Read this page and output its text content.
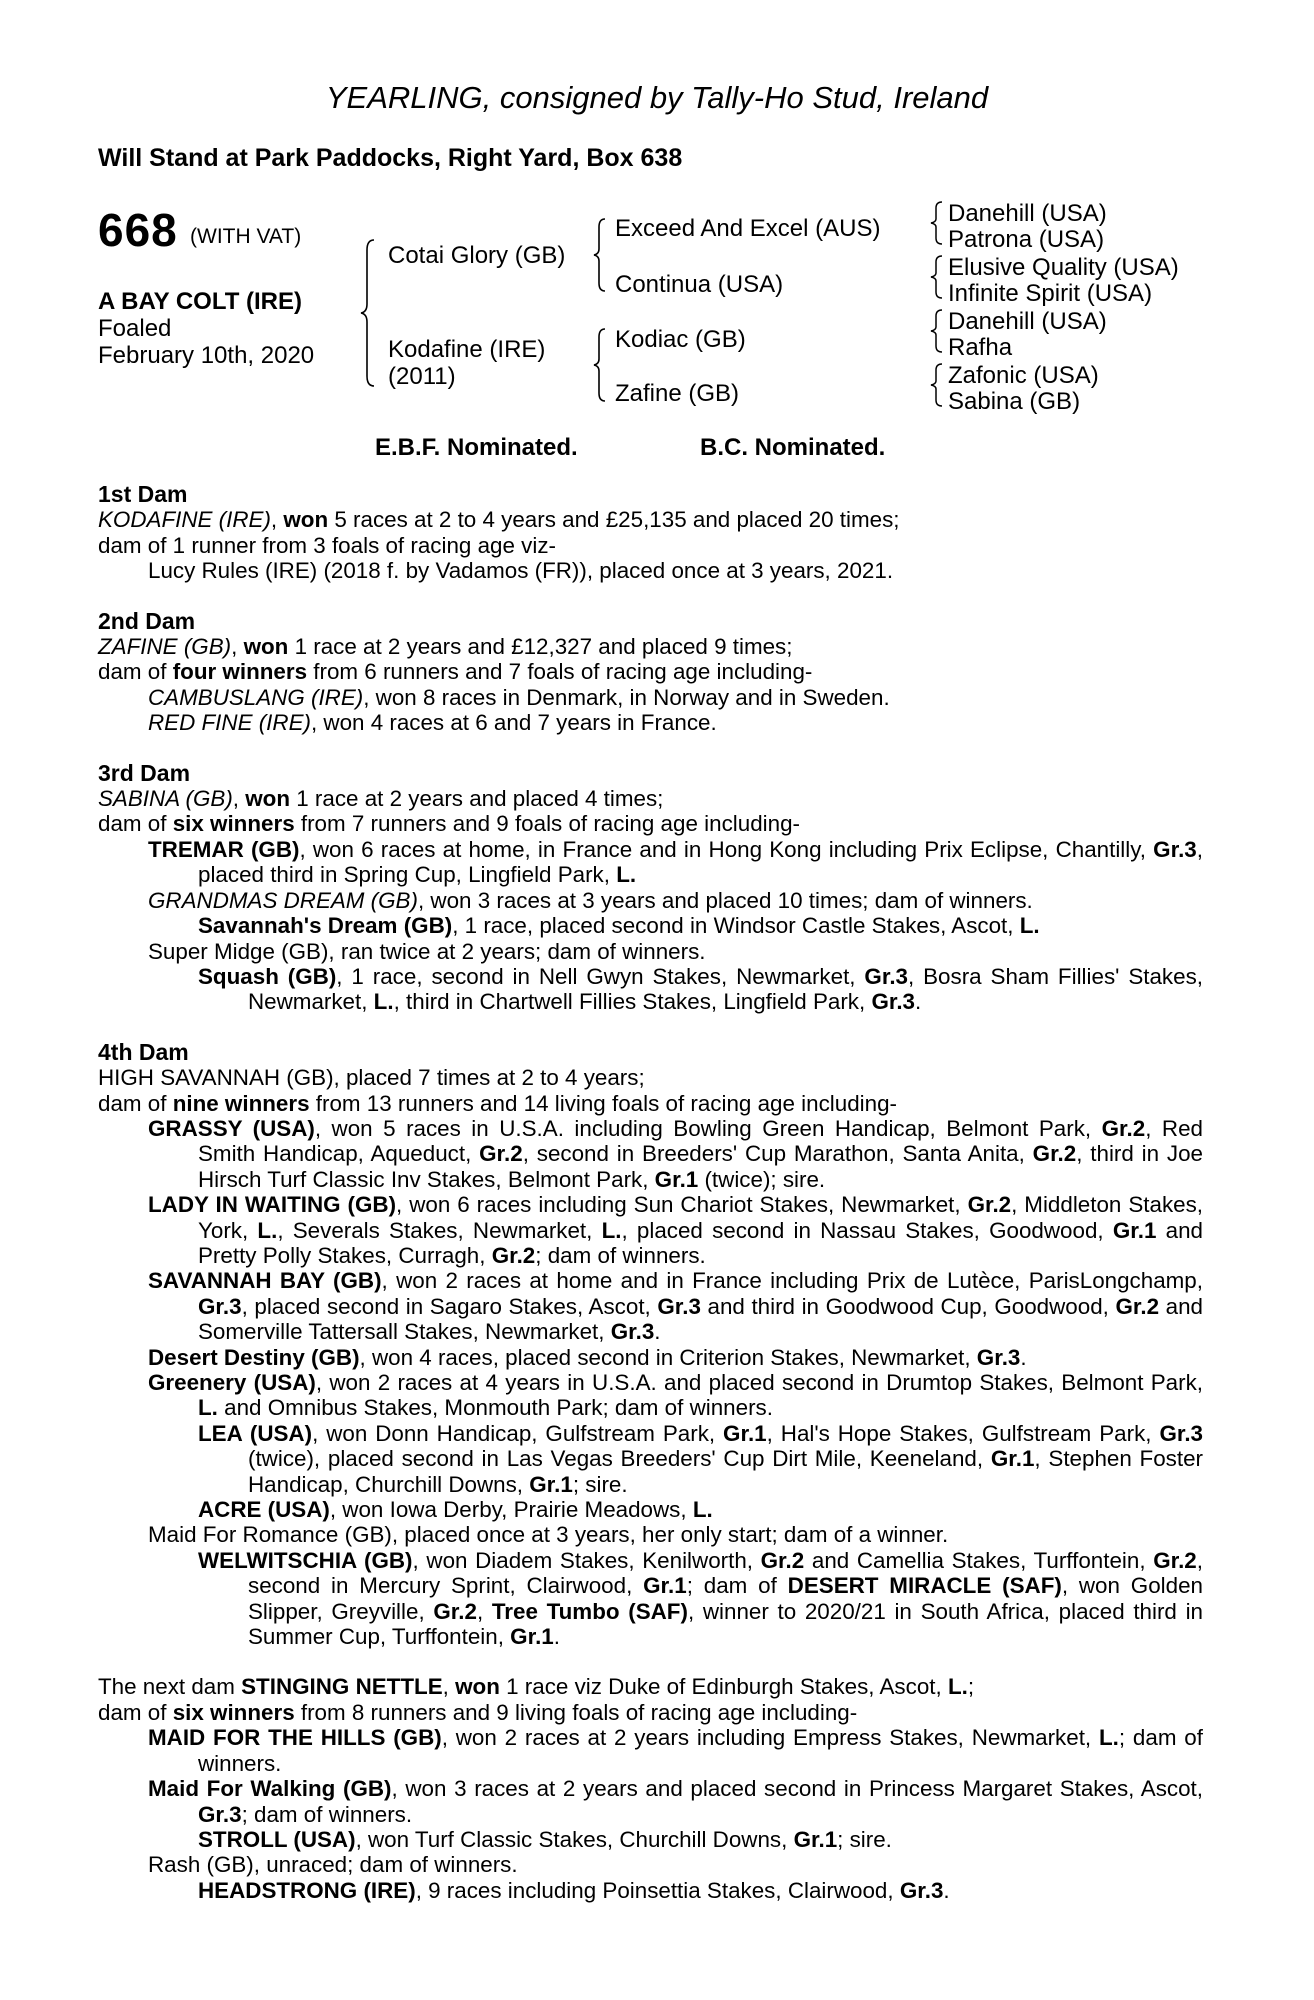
YEARLING, consigned by Tally-Ho Stud, Ireland
Will Stand at Park Paddocks, Right Yard, Box 638
668 (WITH VAT)
A BAY COLT (IRE)
Foaled
February 10th, 2020
Cotai Glory (GB)
Kodafine (IRE)
(2011)
Exceed And Excel (AUS)
Continua (USA)
Kodiac (GB)
Zafine (GB)
Danehill (USA)
Patrona (USA)
Elusive Quality (USA)
Infinite Spirit (USA)
Danehill (USA)
Rafha
Zafonic (USA)
Sabina (GB)
E.B.F. Nominated.	B.C. Nominated.
1st Dam
KODAFINE (IRE), won 5 races at 2 to 4 years and £25,135 and placed 20 times;
dam of 1 runner from 3 foals of racing age viz-
Lucy Rules (IRE) (2018 f. by Vadamos (FR)), placed once at 3 years, 2021.
2nd Dam
ZAFINE (GB), won 1 race at 2 years and £12,327 and placed 9 times;
dam of four winners from 6 runners and 7 foals of racing age including-
CAMBUSLANG (IRE), won 8 races in Denmark, in Norway and in Sweden.
RED FINE (IRE), won 4 races at 6 and 7 years in France.
3rd Dam
SABINA (GB), won 1 race at 2 years and placed 4 times;
dam of six winners from 7 runners and 9 foals of racing age including-
TREMAR (GB), won 6 races at home, in France and in Hong Kong including Prix Eclipse, Chantilly, Gr.3, placed third in Spring Cup, Lingfield Park, L.
GRANDMAS DREAM (GB), won 3 races at 3 years and placed 10 times; dam of winners.
Savannah's Dream (GB), 1 race, placed second in Windsor Castle Stakes, Ascot, L.
Super Midge (GB), ran twice at 2 years; dam of winners.
Squash (GB), 1 race, second in Nell Gwyn Stakes, Newmarket, Gr.3, Bosra Sham Fillies' Stakes, Newmarket, L., third in Chartwell Fillies Stakes, Lingfield Park, Gr.3.
4th Dam
HIGH SAVANNAH (GB), placed 7 times at 2 to 4 years;
dam of nine winners from 13 runners and 14 living foals of racing age including-
GRASSY (USA), won 5 races in U.S.A. including Bowling Green Handicap, Belmont Park, Gr.2, Red Smith Handicap, Aqueduct, Gr.2, second in Breeders' Cup Marathon, Santa Anita, Gr.2, third in Joe Hirsch Turf Classic Inv Stakes, Belmont Park, Gr.1 (twice); sire.
LADY IN WAITING (GB), won 6 races including Sun Chariot Stakes, Newmarket, Gr.2, Middleton Stakes, York, L., Severals Stakes, Newmarket, L., placed second in Nassau Stakes, Goodwood, Gr.1 and Pretty Polly Stakes, Curragh, Gr.2; dam of winners.
SAVANNAH BAY (GB), won 2 races at home and in France including Prix de Lutèce, ParisLongchamp, Gr.3, placed second in Sagaro Stakes, Ascot, Gr.3 and third in Goodwood Cup, Goodwood, Gr.2 and Somerville Tattersall Stakes, Newmarket, Gr.3.
Desert Destiny (GB), won 4 races, placed second in Criterion Stakes, Newmarket, Gr.3.
Greenery (USA), won 2 races at 4 years in U.S.A. and placed second in Drumtop Stakes, Belmont Park, L. and Omnibus Stakes, Monmouth Park; dam of winners.
LEA (USA), won Donn Handicap, Gulfstream Park, Gr.1, Hal's Hope Stakes, Gulfstream Park, Gr.3 (twice), placed second in Las Vegas Breeders' Cup Dirt Mile, Keeneland, Gr.1, Stephen Foster Handicap, Churchill Downs, Gr.1; sire.
ACRE (USA), won Iowa Derby, Prairie Meadows, L.
Maid For Romance (GB), placed once at 3 years, her only start; dam of a winner.
WELWITSCHIA (GB), won Diadem Stakes, Kenilworth, Gr.2 and Camellia Stakes, Turffontein, Gr.2, second in Mercury Sprint, Clairwood, Gr.1; dam of DESERT MIRACLE (SAF), won Golden Slipper, Greyville, Gr.2, Tree Tumbo (SAF), winner to 2020/21 in South Africa, placed third in Summer Cup, Turffontein, Gr.1.
The next dam STINGING NETTLE, won 1 race viz Duke of Edinburgh Stakes, Ascot, L.;
dam of six winners from 8 runners and 9 living foals of racing age including-
MAID FOR THE HILLS (GB), won 2 races at 2 years including Empress Stakes, Newmarket, L.; dam of winners.
Maid For Walking (GB), won 3 races at 2 years and placed second in Princess Margaret Stakes, Ascot, Gr.3; dam of winners.
STROLL (USA), won Turf Classic Stakes, Churchill Downs, Gr.1; sire.
Rash (GB), unraced; dam of winners.
HEADSTRONG (IRE), 9 races including Poinsettia Stakes, Clairwood, Gr.3.
